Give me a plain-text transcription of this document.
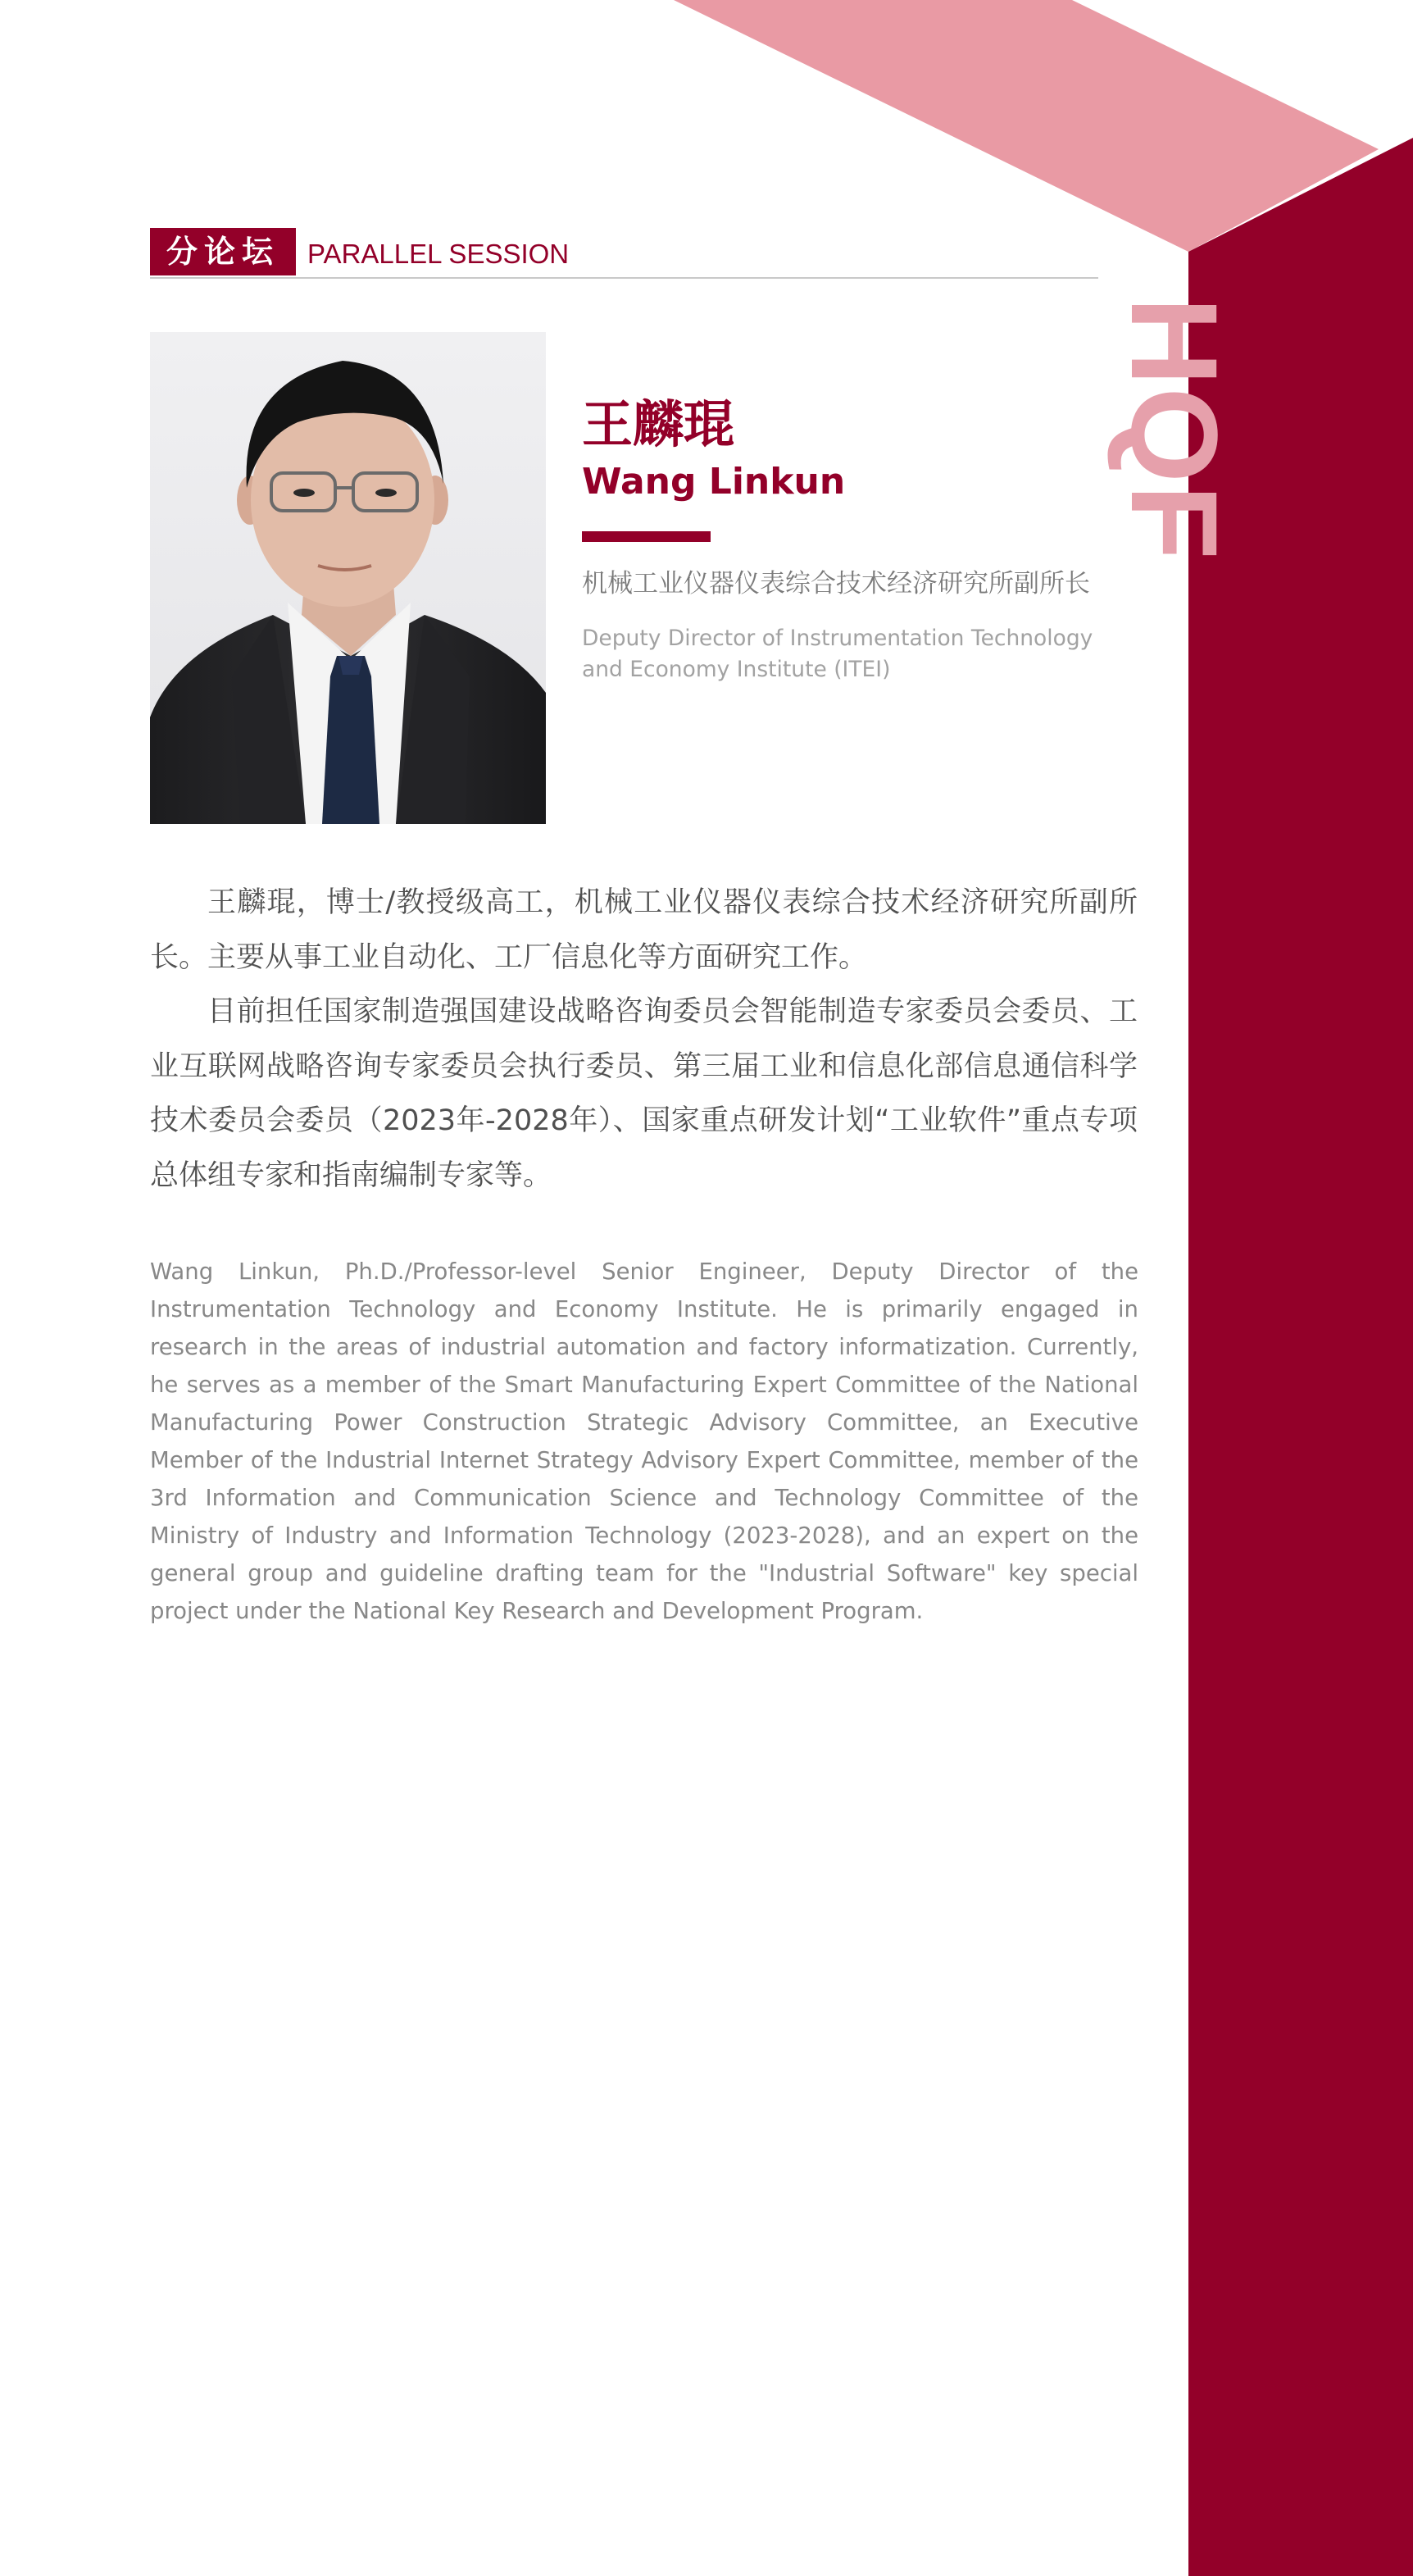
HQF
分论坛	PARALLEL SESSION
王麟琨
Wang Linkun
机械工业仪器仪表综合技术经济研究所副所长
Deputy Director of Instrumentation Technology and Economy Institute (ITEI)

王麟琨，博士/教授级高工，机械工业仪器仪表综合技术经济研究所副所长。主要从事工业自动化、工厂信息化等方面研究工作。

目前担任国家制造强国建设战略咨询委员会智能制造专家委员会委员、工业互联网战略咨询专家委员会执行委员、第三届工业和信息化部信息通信科学技术委员会委员（2023年-2028年）、国家重点研发计划“工业软件”重点专项总体组专家和指南编制专家等。

Wang Linkun, Ph.D./Professor-level Senior Engineer, Deputy Director of the Instrumentation Technology and Economy Institute. He is primarily engaged in research in the areas of industrial automation and factory informatization. Currently, he serves as a member of the Smart Manufacturing Expert Committee of the National Manufacturing Power Construction Strategic Advisory Committee, an Executive Member of the Industrial Internet Strategy Advisory Expert Committee, member of the 3rd Information and Communication Science and Technology Committee of the Ministry of Industry and Information Technology (2023-2028), and an expert on the general group and guideline drafting team for the "Industrial Software" key special project under the National Key Research and Development Program.
